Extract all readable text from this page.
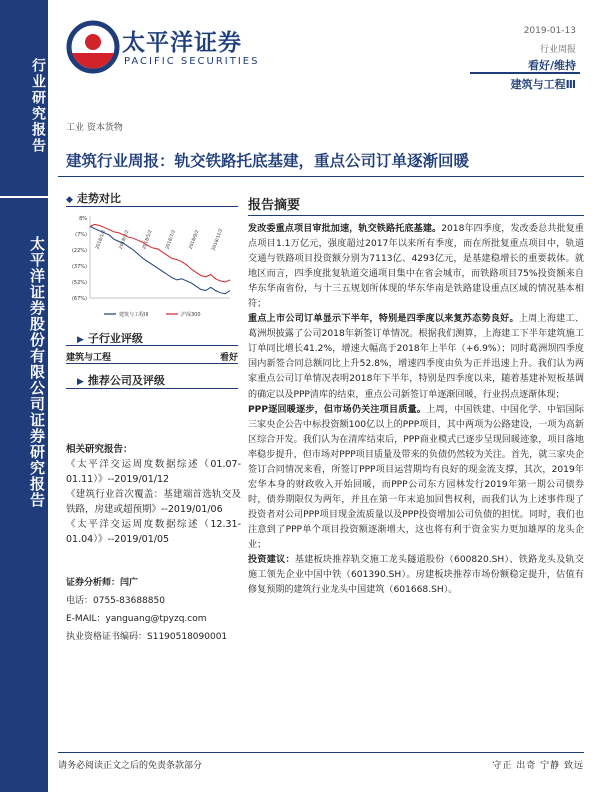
行业研究报告
太平洋证券股份有限公司证券研究报告
太平洋证券
PACIFIC SECURITIES
2019-01-13
行业周报
看好/维持
建筑与工程Ⅲ
工业 资本货物
建筑行业周报：轨交铁路托底基建，重点公司订单逐渐回暖
◆ 走势对比
8%
(7%)
(22%)
(37%)
(52%)
(67%)
2018/1/2	2018/3/2	2018/5/2	2018/7/2	2018/9/2 2018/11/2
建筑与工程III	沪深300
▶ 子行业评级
建筑与工程	看好
▶ 推荐公司及评级
相关研究报告：
《太平洋交运周度数据综述（01.07-01.11）》--2019/01/12
《建筑行业首次覆盖：基建端首选轨交及铁路，房建或超预期》--2019/01/06
《太平洋交运周度数据综述（12.31-01.04）》--2019/01/05
证券分析师：闫广
电话：0755-83688850
E-MAIL：yanguang@tpyzq.com
执业资格证书编码：S1190518090001
报告摘要

发改委重点项目审批加速，轨交铁路托底基建。2018年四季度，发改委总共批复重点项目1.1万亿元，强度超过2017年以来所有季度，而在所批复重点项目中，轨道交通与铁路项目投资额分别为7113亿、4293亿元，是基建稳增长的重要载体。就地区而言，四季度批复轨道交通项目集中在省会城市，而铁路项目75%投资额来自华东华南省份，与十三五规划所体现的华东华南是铁路建设重点区域的情况基本相符；

重点上市公司订单显示下半年，特别是四季度以来复苏态势良好。上周上海建工、葛洲坝披露了公司2018年新签订单情况。根据我们测算，上海建工下半年建筑施工订单同比增长41.2%，增速大幅高于2018年上半年（+6.9%）；同时葛洲坝四季度国内新签合同总额同比上升52.8%，增速四季度由负为正并迅速上升。我们认为两家重点公司订单情况表明2018年下半年，特别是四季度以来，随着基建补短板基调的确定以及PPP清库的结束，重点公司新签订单逐渐回暖，行业拐点逐渐体现；

PPP逐回暖逐步，但市场仍关注项目质量。上周，中国铁建、中国化学、中铝国际三家央企公告中标投资额100亿以上的PPP项目，其中两项为公路建设，一项为高新区综合开发。我们认为在清库结束后，PPP商业模式已逐步呈现回暖迹象，项目落地率稳步提升，但市场对PPP项目质量及带来的负债仍然较为关注。首先，就三家央企签订合同情况来看，所签订PPP项目运营期均有良好的现金流支撑，其次，2019年宏华本身的财政收入开始回暖，而PPP公司东方园林发行2019年第一期公司债券时，债券期限仅为两年，并且在第一年末追加回售权利，而我们认为上述事件现了投资者对公司PPP项目现金流质量以及PPP投资增加公司负债的担忧。同时，我们也注意到了PPP单个项目投资额逐渐增大，这也将有利于资金实力更加雄厚的龙头企业；

投资建议：基建板块推荐轨交施工龙头隧道股份（600820.SH）、铁路龙头及轨交施工领先企业中国中铁（601390.SH）。房建板块推荐市场份额稳定提升，估值有修复预期的建筑行业龙头中国建筑（601668.SH）。

请务必阅读正文之后的免责条款部分	守正 出奇 宁静 致远
